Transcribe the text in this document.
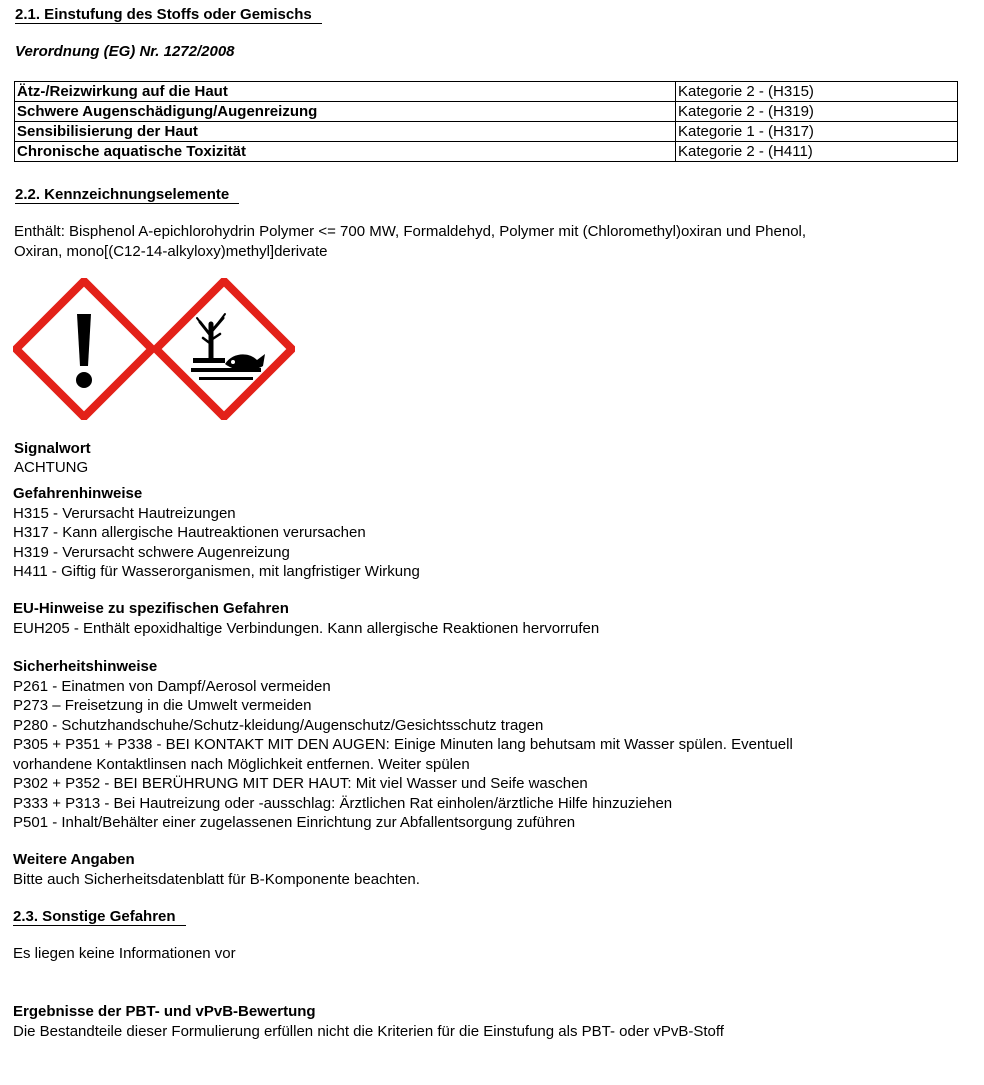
2.1. Einstufung des Stoffs oder Gemischs
Verordnung (EG) Nr. 1272/2008
Ätz-/Reizwirkung auf die Haut	Kategorie 2 - (H315)
Schwere Augenschädigung/Augenreizung	Kategorie 2 - (H319)
Sensibilisierung der Haut	Kategorie 1 - (H317)
Chronische aquatische Toxizität	Kategorie 2 - (H411)
2.2. Kennzeichnungselemente
Enthält: Bisphenol A-epichlorohydrin Polymer <= 700 MW, Formaldehyd, Polymer mit (Chloromethyl)oxiran und Phenol,
Oxiran, mono[(C12-14-alkyloxy)methyl]derivate
Signalwort
ACHTUNG
Gefahrenhinweise
H315 - Verursacht Hautreizungen
H317 - Kann allergische Hautreaktionen verursachen
H319 - Verursacht schwere Augenreizung
H411 - Giftig für Wasserorganismen, mit langfristiger Wirkung
EU-Hinweise zu spezifischen Gefahren
EUH205 - Enthält epoxidhaltige Verbindungen. Kann allergische Reaktionen hervorrufen
Sicherheitshinweise
P261 - Einatmen von Dampf/Aerosol vermeiden
P273 – Freisetzung in die Umwelt vermeiden
P280 - Schutzhandschuhe/Schutz-kleidung/Augenschutz/Gesichtsschutz tragen
P305 + P351 + P338 - BEI KONTAKT MIT DEN AUGEN: Einige Minuten lang behutsam mit Wasser spülen. Eventuell
vorhandene Kontaktlinsen nach Möglichkeit entfernen. Weiter spülen
P302 + P352 - BEI BERÜHRUNG MIT DER HAUT: Mit viel Wasser und Seife waschen
P333 + P313 - Bei Hautreizung oder -ausschlag: Ärztlichen Rat einholen/ärztliche Hilfe hinzuziehen
P501 - Inhalt/Behälter einer zugelassenen Einrichtung zur Abfallentsorgung zuführen
Weitere Angaben
Bitte auch Sicherheitsdatenblatt für B-Komponente beachten.
2.3. Sonstige Gefahren
Es liegen keine Informationen vor
Ergebnisse der PBT- und vPvB-Bewertung
Die Bestandteile dieser Formulierung erfüllen nicht die Kriterien für die Einstufung als PBT- oder vPvB-Stoff
